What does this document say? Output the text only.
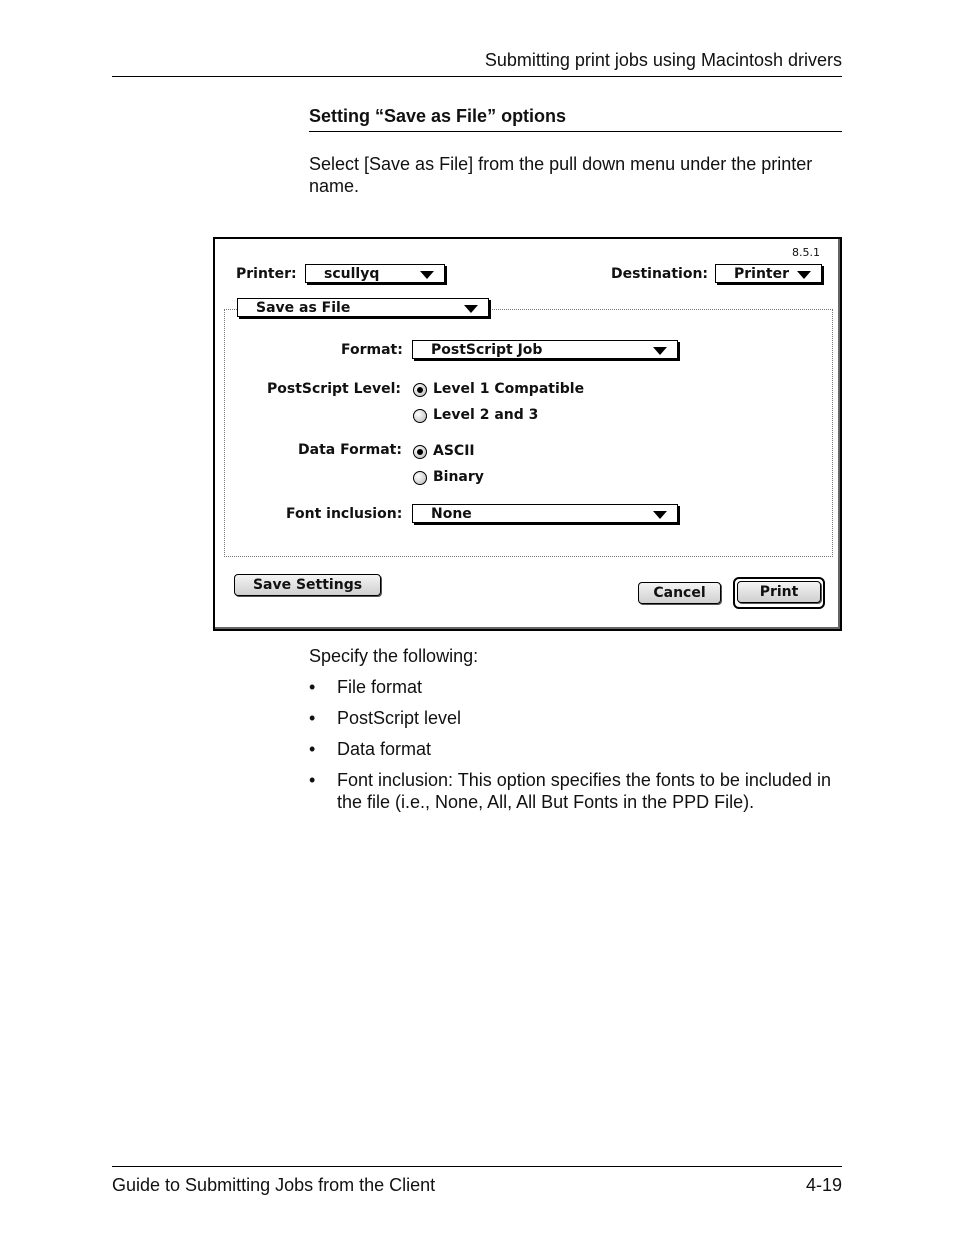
Submitting print jobs using Macintosh drivers
Setting “Save as File” options
Select [Save as File] from the pull down menu under the printer name.
8.5.1
Printer: scullyq	Destination: Printer
Save as File
Format: PostScript Job
PostScript Level: Level 1 Compatible
Level 2 and 3
Data Format: ASCII
Binary
Font inclusion: None
Save Settings	Cancel	Print
Specify the following:
• File format
• PostScript level
• Data format
• Font inclusion: This option specifies the fonts to be included in the file (i.e., None, All, All But Fonts in the PPD File).
Guide to Submitting Jobs from the Client	4-19
